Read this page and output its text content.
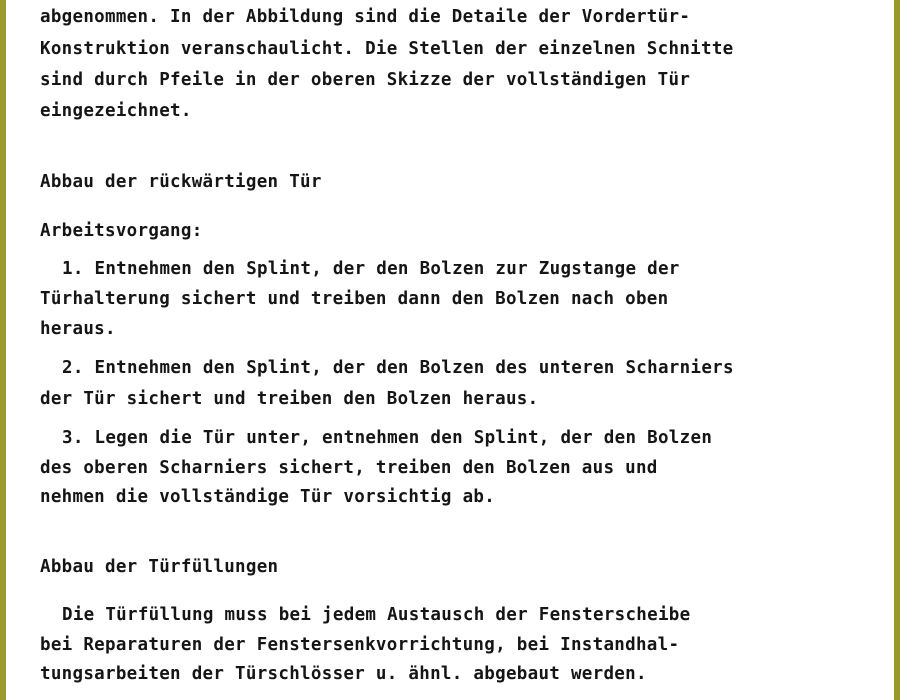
abgenommen. In der Abbildung sind die Detaile der Vordertür-
Konstruktion veranschaulicht. Die Stellen der einzelnen Schnitte
sind durch Pfeile in der oberen Skizze der vollständigen Tür
eingezeichnet.
Abbau der rückwärtigen Tür
Arbeitsvorgang:
1. Entnehmen den Splint, der den Bolzen zur Zugstange der
Türhalterung sichert und treiben dann den Bolzen nach oben
heraus.
2. Entnehmen den Splint, der den Bolzen des unteren Scharniers
der Tür sichert und treiben den Bolzen heraus.
3. Legen die Tür unter, entnehmen den Splint, der den Bolzen
des oberen Scharniers sichert, treiben den Bolzen aus und
nehmen die vollständige Tür vorsichtig ab.
Abbau der Türfüllungen
Die Türfüllung muss bei jedem Austausch der Fensterscheibe
bei Reparaturen der Fenstersenkvorrichtung, bei Instandhal-
tungsarbeiten der Türschlösser u. ähnl. abgebaut werden.
